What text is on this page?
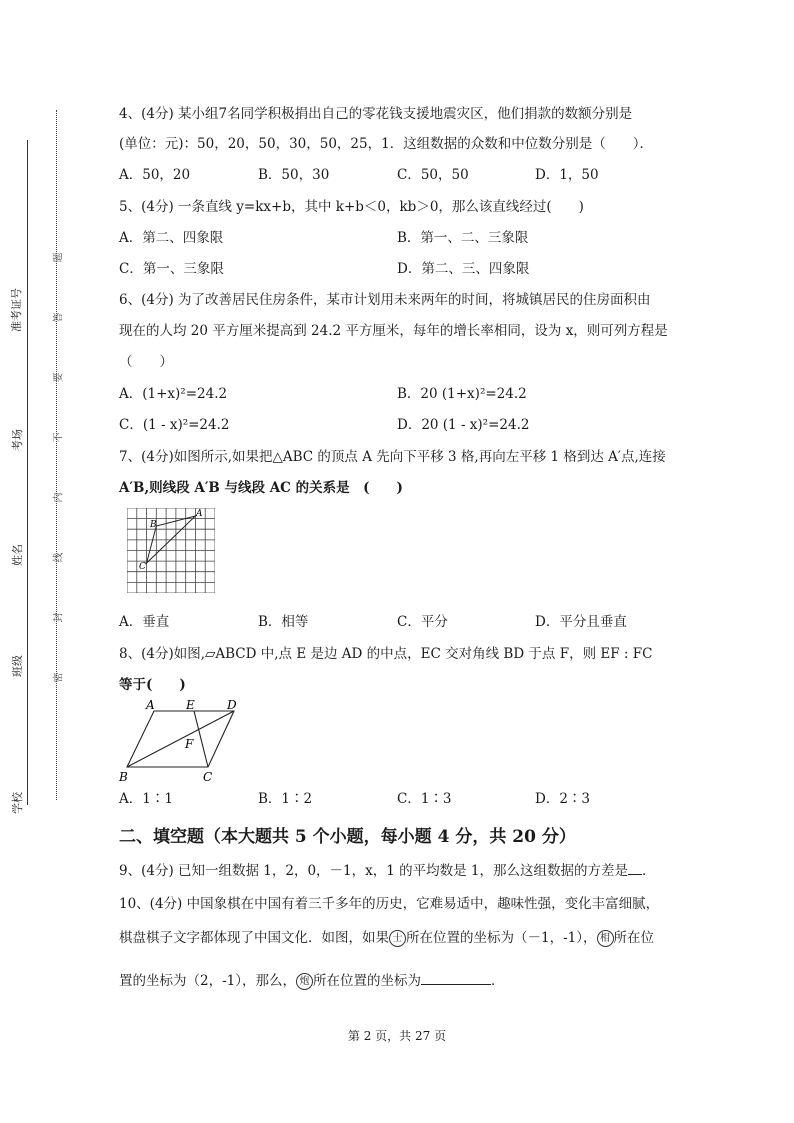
准考证号
考场
姓名
班级
学校
题
答
要
不
内
线
封
密
4、(4分) 某小组7名同学积极捐出自己的零花钱支援地震灾区，他们捐款的数额分别是
(单位：元)：50，20，50，30，50，25，1．这组数据的众数和中位数分别是（　　）．
A．50，20	B．50，30	C．50，50	D．1，50
5、(4分) 一条直线 y=kx+b，其中 k+b＜0，kb＞0，那么该直线经过(　　)
A．第二、四象限	B．第一、二、三象限
C．第一、三象限	D．第二、三、四象限
6、(4分) 为了改善居民住房条件，某市计划用未来两年的时间，将城镇居民的住房面积由
现在的人均 20 平方厘米提高到 24.2 平方厘米，每年的增长率相同，设为 x，则可列方程是
（　　）
A．(1+x)²=24.2	B．20 (1+x)²=24.2
C．(1 - x)²=24.2	D．20 (1 - x)²=24.2
7、(4分)如图所示,如果把△ABC 的顶点 A 先向下平移 3 格,再向左平移 1 格到达 A′点,连接
A′B,则线段 A′B 与线段 AC 的关系是　(　　)
A
B
C
A．垂直	B．相等	C．平分	D．平分且垂直
8、(4分)如图,▱ABCD 中,点 E 是边 AD 的中点，EC 交对角线 BD 于点 F，则 EF : FC
等于(　　)
A	E	D
F
B	C
A．1∶1	B．1∶2	C．1∶3	D．2∶3
二、填空题（本大题共 5 个小题，每小题 4 分，共 20 分）
9、(4分) 已知一组数据 1，2，0，－1，x，1 的平均数是 1，那么这组数据的方差是 ．
10、(4分) 中国象棋在中国有着三千多年的历史，它难易适中，趣味性强，变化丰富细腻，
棋盘棋子文字都体现了中国文化．如图，如果 士 所在位置的坐标为（－1，-1）， 相 所在位
置的坐标为（2，-1），那么， 炮 所在位置的坐标为	．
第 2 页，共 27 页
